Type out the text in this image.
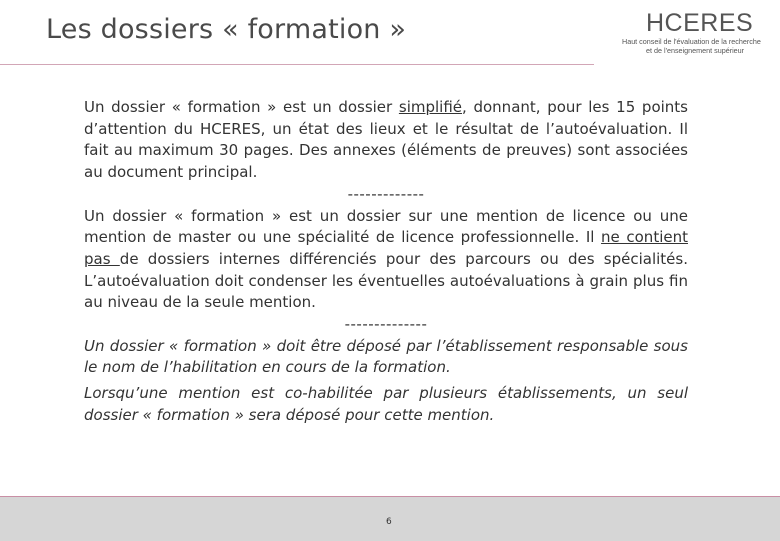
Les dossiers « formation »	HCERES
Haut conseil de l'évaluation de la recherche
et de l'enseignement supérieur

Un dossier « formation » est un dossier simplifié, donnant, pour les 15 points d’attention du HCERES, un état des lieux et le résultat de l’autoévaluation. Il fait au maximum 30 pages. Des annexes (éléments de preuves) sont associées au document principal.

-------------

Un dossier « formation » est un dossier sur une mention de licence ou une mention de master ou une spécialité de licence professionnelle. Il ne contient pas de dossiers internes différenciés pour des parcours ou des spécialités. L’autoévaluation doit condenser les éventuelles autoévaluations à grain plus fin au niveau de la seule mention.

--------------

Un dossier « formation » doit être déposé par l’établissement responsable sous le nom de l’habilitation en cours de la formation.

Lorsqu’une mention est co-habilitée par plusieurs établissements, un seul dossier « formation » sera déposé pour cette mention.

6
